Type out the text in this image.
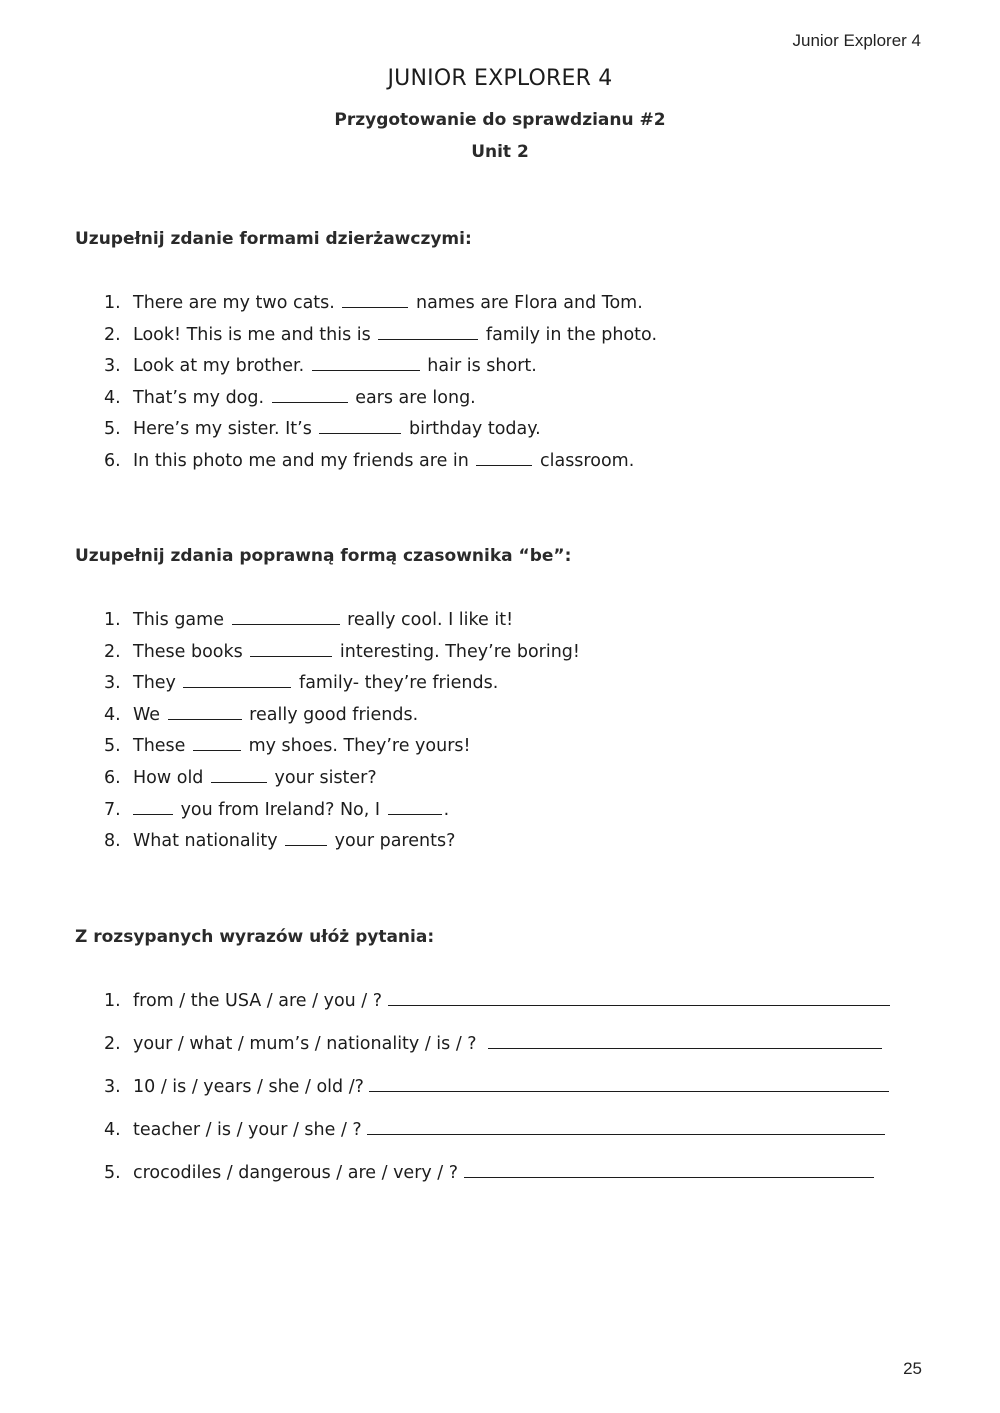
Junior Explorer 4
JUNIOR EXPLORER 4
Przygotowanie do sprawdzianu #2
Unit 2
Uzupełnij zdanie formami dzierżawczymi:
1. There are my two cats.	names are Flora and Tom.
2. Look! This is me and this is	family in the photo.
3. Look at my brother.	hair is short.
4. That’s my dog.	ears are long.
5. Here’s my sister. It’s	birthday today.
6. In this photo me and my friends are in	classroom.
Uzupełnij zdania poprawną formą czasownika “be”:
1. This game	really cool. I like it!
2. These books	interesting. They’re boring!
3. They	family- they’re friends.
4. We	really good friends.
5. These	my shoes. They’re yours!
6. How old	your sister?
7.	you from Ireland? No, I	.
8. What nationality	your parents?
Z rozsypanych wyrazów ułóż pytania:
1. from / the USA / are / you / ?
2. your / what / mum’s / nationality / is / ?
3. 10 / is / years / she / old /?
4. teacher / is / your / she / ?
5. crocodiles / dangerous / are / very / ?
25
